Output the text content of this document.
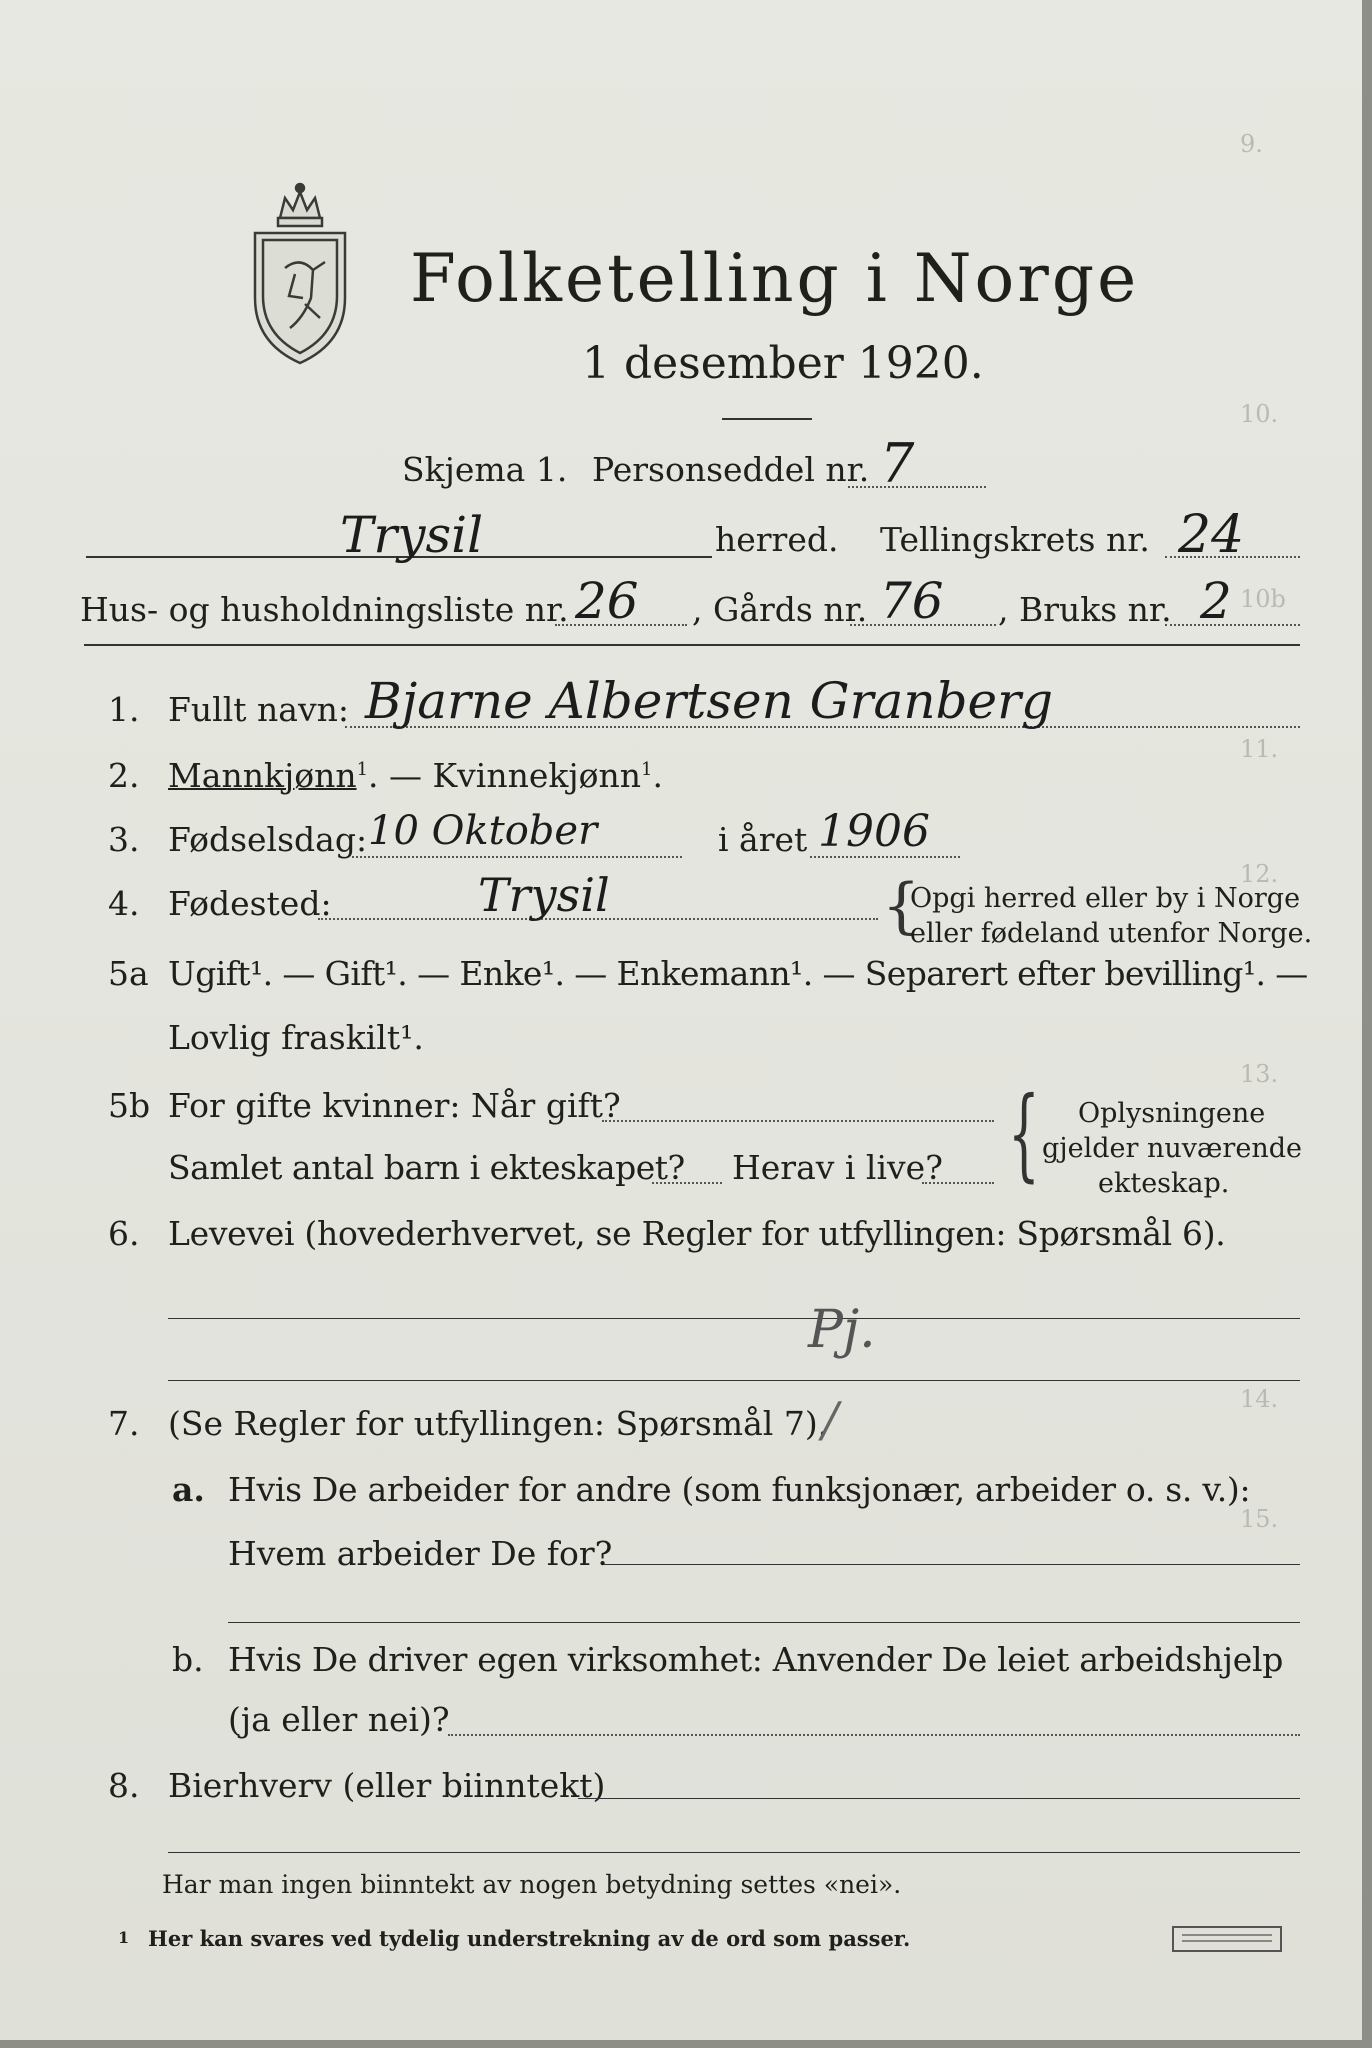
9.
10.
10b
11.
12.
13.
14.
15.
Folketelling i Norge
1 desember 1920.
Skjema 1. Personseddel nr. 7
Trysil	herred. Tellingskrets nr. 24
Hus- og husholdningsliste nr. 26 , Gårds nr. 76 , Bruks nr. 2
1. Fullt navn: Bjarne Albertsen Granberg
2. Mannkjønn$^1$. — Kvinnekjønn$^1$.
3. Fødselsdag: 10 Oktober	i året 1906
4. Fødested:	Trysil	{
Opgi herred eller by i Norge
eller fødeland utenfor Norge.
5a Ugift¹. — Gift¹. — Enke¹. — Enkemann¹. — Separert efter bevilling¹. —
Lovlig fraskilt¹.
5b For gifte kvinner: Når gift?
Samlet antal barn i ekteskapet? Herav i live? { Oplysningene
gjelder nuværende
ekteskap.
6. Levevei (hovederhvervet, se Regler for utfyllingen: Spørsmål 6).
Pj.
7. (Se Regler for utfyllingen: Spørsmål 7).
/
a. Hvis De arbeider for andre (som funksjonær, arbeider o. s. v.):
Hvem arbeider De for?
b. Hvis De driver egen virksomhet: Anvender De leiet arbeidshjelp
(ja eller nei)?
8. Bierhverv (eller biinntekt)
Har man ingen biinntekt av nogen betydning settes «nei».
1 Her kan svares ved tydelig understrekning av de ord som passer.
